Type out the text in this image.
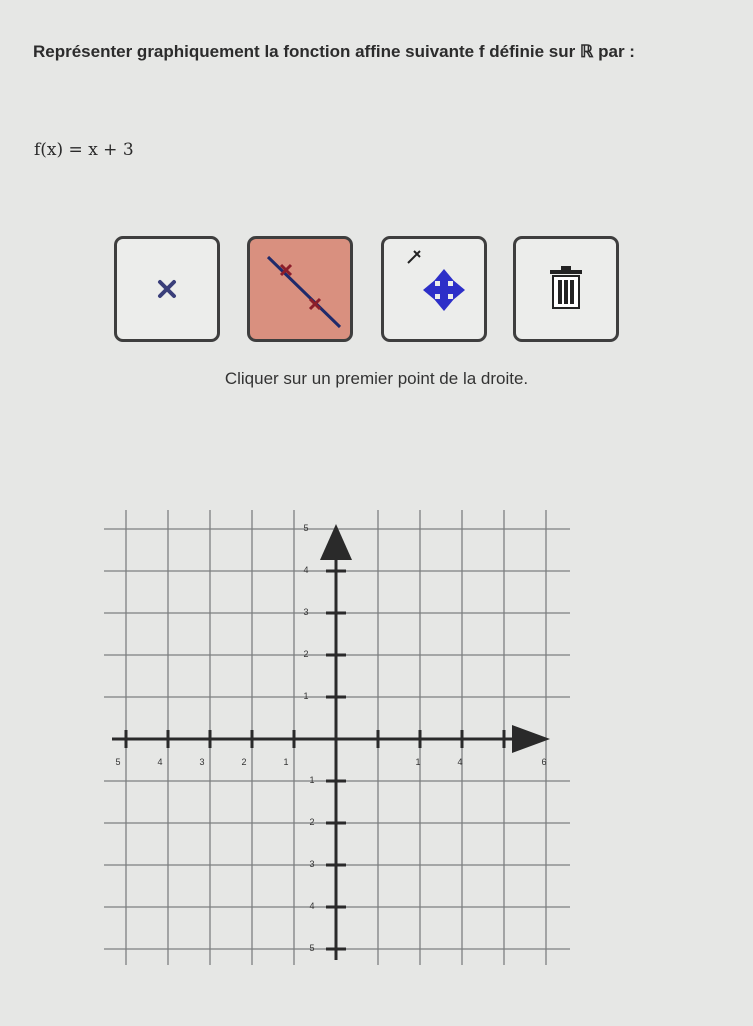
Représenter graphiquement la fonction affine suivante f définie sur ℝ par :
f(x) = x + 3
Cliquer sur un premier point de la droite.
5	4	3	2	1
5
4
3
2
1
1
2
3
4
5
1	4	6
